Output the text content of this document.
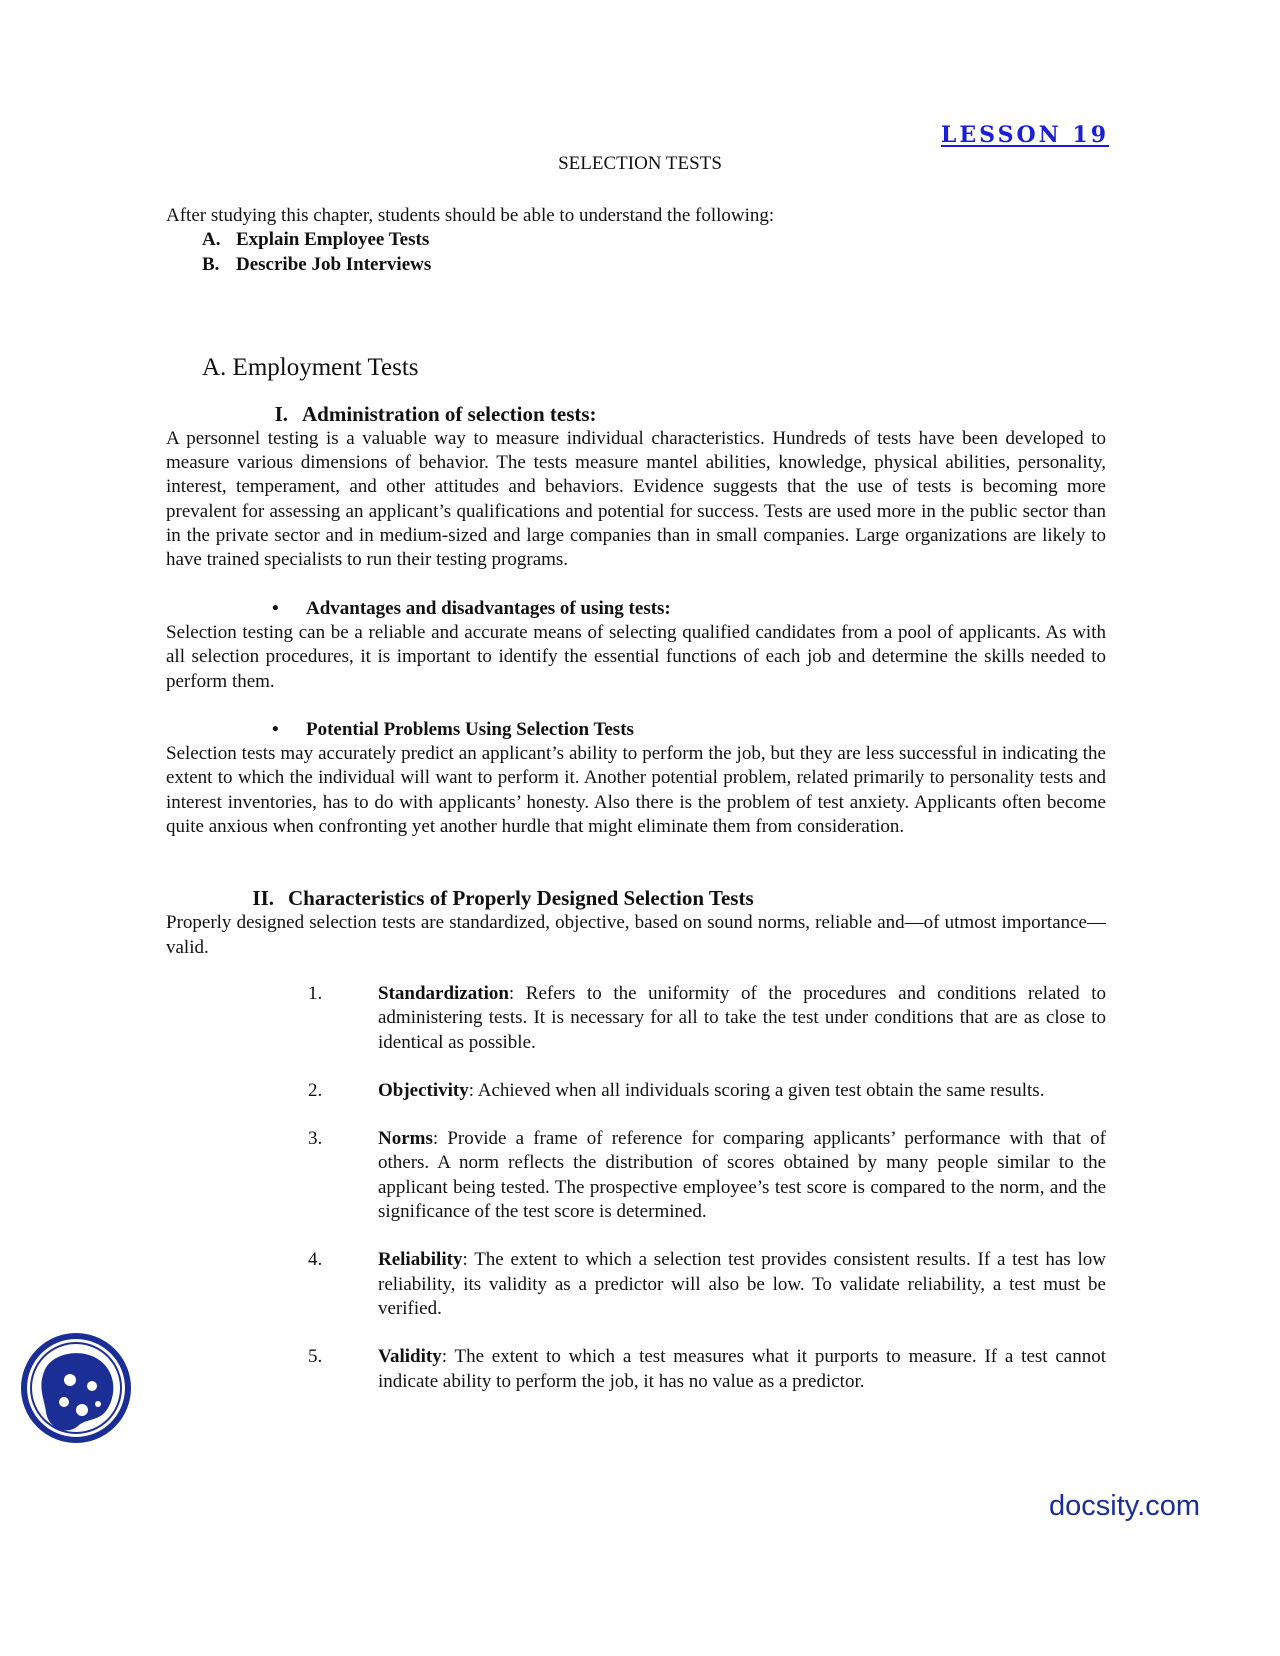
LESSON 19
SELECTION TESTS

After studying this chapter, students should be able to understand the following:

A. Explain Employee Tests
B. Describe Job Interviews
A. Employment Tests
I. Administration of selection tests:

A personnel testing is a valuable way to measure individual characteristics. Hundreds of tests have been developed to measure various dimensions of behavior. The tests measure mantel abilities, knowledge, physical abilities, personality, interest, temperament, and other attitudes and behaviors. Evidence suggests that the use of tests is becoming more prevalent for assessing an applicant’s qualifications and potential for success. Tests are used more in the public sector than in the private sector and in medium-sized and large companies than in small companies. Large organizations are likely to have trained specialists to run their testing programs.

•	Advantages and disadvantages of using tests:

Selection testing can be a reliable and accurate means of selecting qualified candidates from a pool of applicants. As with all selection procedures, it is important to identify the essential functions of each job and determine the skills needed to perform them.

•	Potential Problems Using Selection Tests

Selection tests may accurately predict an applicant’s ability to perform the job, but they are less successful in indicating the extent to which the individual will want to perform it. Another potential problem, related primarily to personality tests and interest inventories, has to do with applicants’ honesty. Also there is the problem of test anxiety. Applicants often become quite anxious when confronting yet another hurdle that might eliminate them from consideration.

II. Characteristics of Properly Designed Selection Tests

Properly designed selection tests are standardized, objective, based on sound norms, reliable and—of utmost importance—valid.

1.	Standardization: Refers to the uniformity of the procedures and conditions related to administering tests. It is necessary for all to take the test under conditions that are as close to identical as possible.
2.	Objectivity: Achieved when all individuals scoring a given test obtain the same results.
3.	Norms: Provide a frame of reference for comparing applicants’ performance with that of others. A norm reflects the distribution of scores obtained by many people similar to the applicant being tested. The prospective employee’s test score is compared to the norm, and the significance of the test score is determined.
4.	Reliability: The extent to which a selection test provides consistent results. If a test has low reliability, its validity as a predictor will also be low. To validate reliability, a test must be verified.
5.	Validity: The extent to which a test measures what it purports to measure. If a test cannot indicate ability to perform the job, it has no value as a predictor.
docsity.com
